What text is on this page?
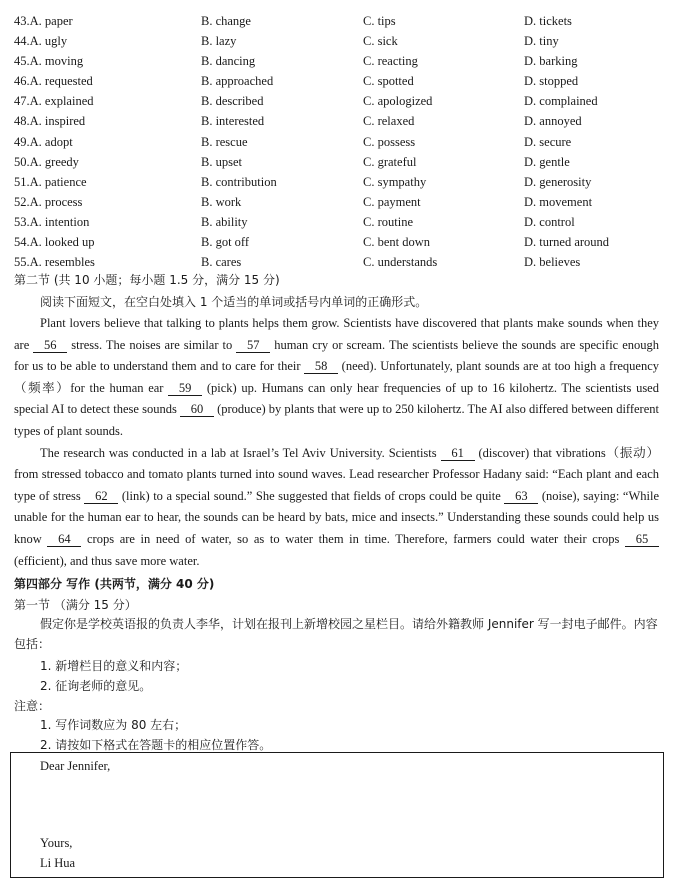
43.A. paper	B. change	C. tips	D. tickets
44.A. ugly	B. lazy	C. sick	D. tiny
45.A. moving	B. dancing	C. reacting	D. barking
46.A. requested	B. approached	C. spotted	D. stopped
47.A. explained	B. described	C. apologized	D. complained
48.A. inspired	B. interested	C. relaxed	D. annoyed
49.A. adopt	B. rescue	C. possess	D. secure
50.A. greedy	B. upset	C. grateful	D. gentle
51.A. patience	B. contribution	C. sympathy	D. generosity
52.A. process	B. work	C. payment	D. movement
53.A. intention	B. ability	C. routine	D. control
54.A. looked up	B. got off	C. bent down	D. turned around
55.A. resembles	B. cares	C. understands	D. believes
第二节 (共 10 小题；每小题 1.5 分，满分 15 分)
阅读下面短文，在空白处填入 1 个适当的单词或括号内单词的正确形式。

Plant lovers believe that talking to plants helps them grow. Scientists have discovered that plants make sounds when they are 56 stress. The noises are similar to 57 human cry or scream. The scientists believe the sounds are specific enough for us to be able to understand them and to care for their 58 (need). Unfortunately, plant sounds are at too high a frequency（频率）for the human ear 59 (pick) up. Humans can only hear frequencies of up to 16 kilohertz. The scientists used special AI to detect these sounds 60 (produce) by plants that were up to 250 kilohertz. The AI also differed between different types of plant sounds.

The research was conducted in a lab at Israel’s Tel Aviv University. Scientists 61 (discover) that vibrations（振动）from stressed tobacco and tomato plants turned into sound waves. Lead researcher Professor Hadany said: “Each plant and each type of stress 62 (link) to a special sound.” She suggested that fields of crops could be quite 63 (noise), saying: “While unable for the human ear to hear, the sounds can be heard by bats, mice and insects.” Understanding these sounds could help us know 64 crops are in need of water, so as to water them in time. Therefore, farmers could water their crops 65 (efficient), and thus save more water.

第四部分 写作 (共两节，满分 40 分)
第一节 （满分 15 分）
假定你是学校英语报的负责人李华，计划在报刊上新增校园之星栏目。请给外籍教师 Jennifer 写一封电子邮件。内容包括：
1. 新增栏目的意义和内容；
2. 征询老师的意见。
注意：
1. 写作词数应为 80 左右；
2. 请按如下格式在答题卡的相应位置作答。
Dear Jennifer,
Yours,
Li Hua
